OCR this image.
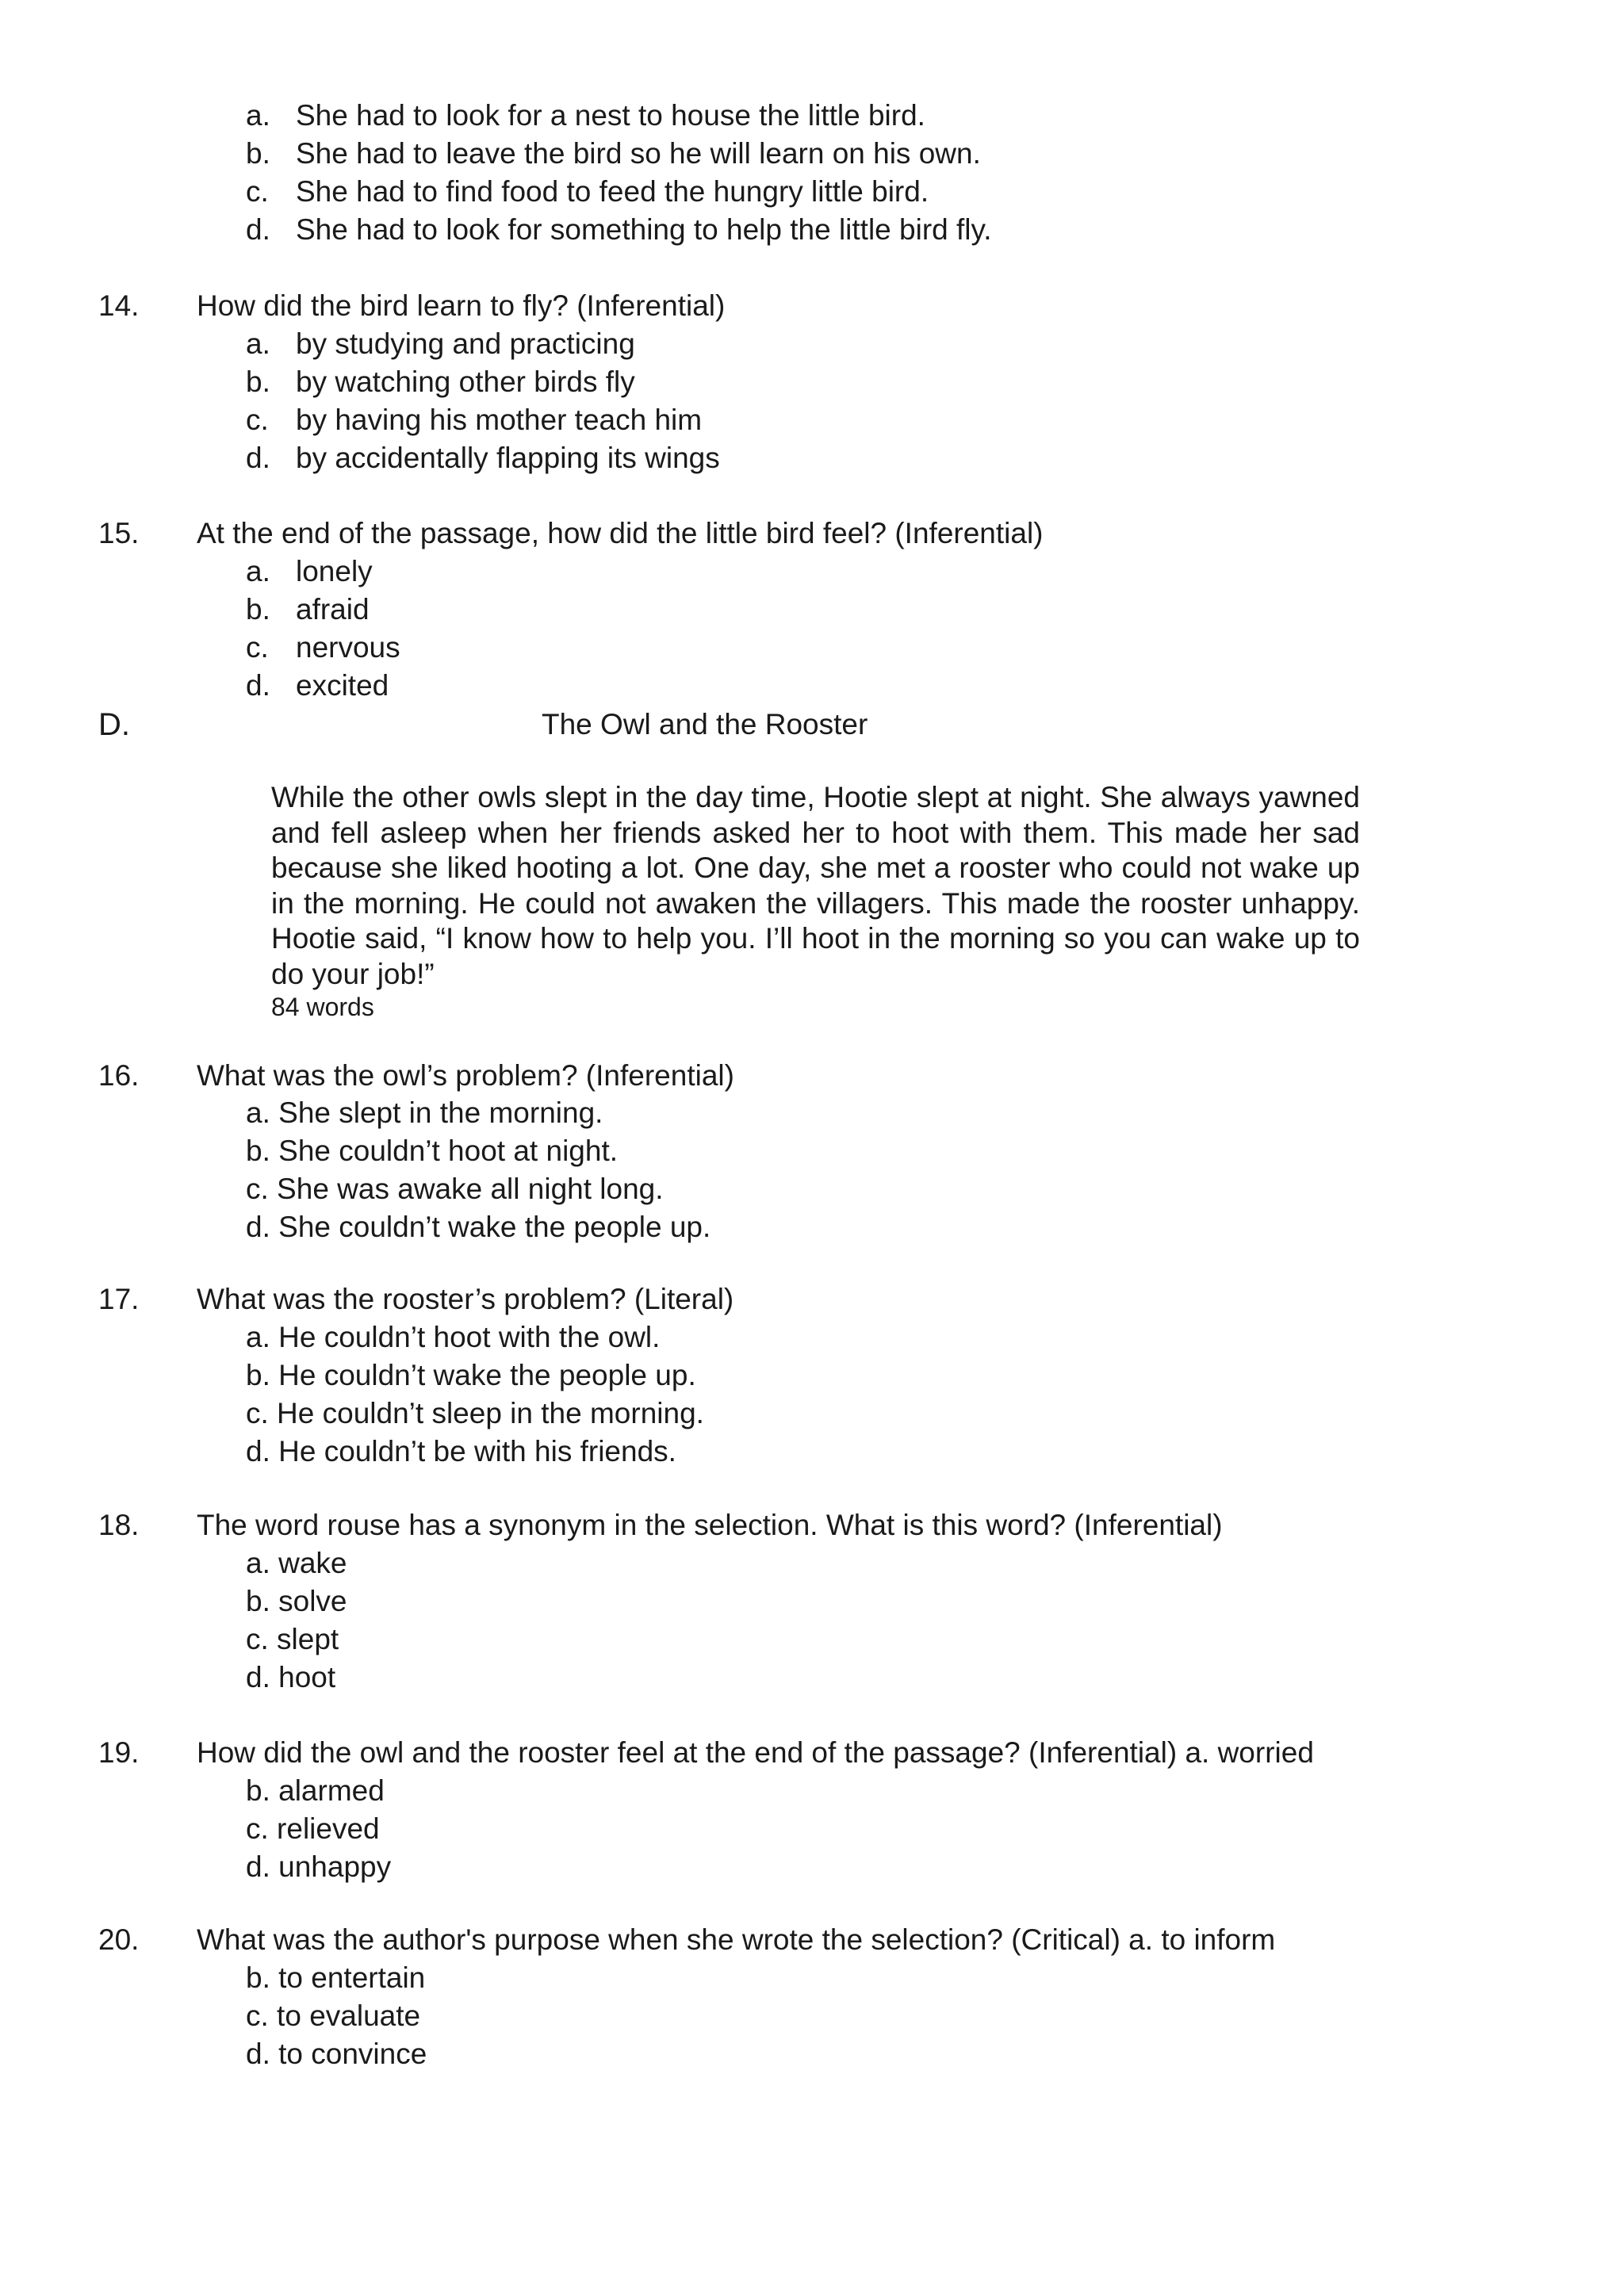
a. She had to look for a nest to house the little bird.
b. She had to leave the bird so he will learn on his own.
c. She had to find food to feed the hungry little bird.
d. She had to look for something to help the little bird fly.
14. How did the bird learn to fly? (Inferential)
a. by studying and practicing
b. by watching other birds fly
c. by having his mother teach him
d. by accidentally flapping its wings
15. At the end of the passage, how did the little bird feel? (Inferential)
a. lonely
b. afraid
c. nervous
d. excited
D.	The Owl and the Rooster
While the other owls slept in the day time, Hootie slept at night. She always yawned and fell asleep when her friends asked her to hoot with them. This made her sad because she liked hooting a lot. One day, she met a rooster who could not wake up in the morning. He could not awaken the villagers. This made the rooster unhappy. Hootie said, “I know how to help you. I’ll hoot in the morning so you can wake up to do your job!”
84 words
16. What was the owl’s problem? (Inferential)
a. She slept in the morning.
b. She couldn’t hoot at night.
c. She was awake all night long.
d. She couldn’t wake the people up.
17. What was the rooster’s problem? (Literal)
a. He couldn’t hoot with the owl.
b. He couldn’t wake the people up.
c. He couldn’t sleep in the morning.
d. He couldn’t be with his friends.
18. The word rouse has a synonym in the selection. What is this word? (Inferential)
a. wake
b. solve
c. slept
d. hoot
19. How did the owl and the rooster feel at the end of the passage? (Inferential) a. worried
b. alarmed
c. relieved
d. unhappy
20. What was the author's purpose when she wrote the selection? (Critical) a. to inform
b. to entertain
c. to evaluate
d. to convince
